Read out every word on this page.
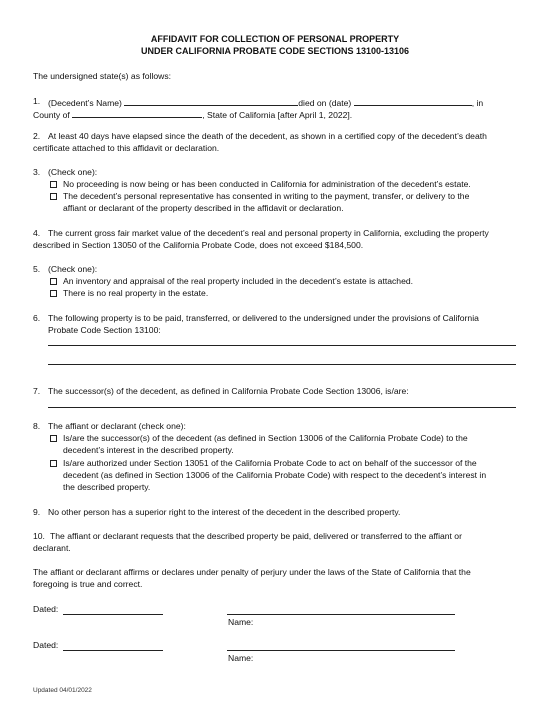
AFFIDAVIT FOR COLLECTION OF PERSONAL PROPERTY
UNDER CALIFORNIA PROBATE CODE SECTIONS 13100-13106
The undersigned state(s) as follows:
1. (Decedent’s Name)	died on (date)	, in
County of	, State of California [after April 1, 2022].
2. At least 40 days have elapsed since the death of the decedent, as shown in a certified copy of the decedent’s death
certificate attached to this affidavit or declaration.
3. (Check one):
No proceeding is now being or has been conducted in California for administration of the decedent’s estate.
The decedent’s personal representative has consented in writing to the payment, transfer, or delivery to the
affiant or declarant of the property described in the affidavit or declaration.
4. The current gross fair market value of the decedent’s real and personal property in California, excluding the property
described in Section 13050 of the California Probate Code, does not exceed $184,500.
5. (Check one):
An inventory and appraisal of the real property included in the decedent’s estate is attached.
There is no real property in the estate.
6. The following property is to be paid, transferred, or delivered to the undersigned under the provisions of California
Probate Code Section 13100:
7. The successor(s) of the decedent, as defined in California Probate Code Section 13006, is/are:
8. The affiant or declarant (check one):
Is/are the successor(s) of the decedent (as defined in Section 13006 of the California Probate Code) to the
decedent’s interest in the described property.
Is/are authorized under Section 13051 of the California Probate Code to act on behalf of the successor of the
decedent (as defined in Section 13006 of the California Probate Code) with respect to the decedent’s interest in
the described property.
9. No other person has a superior right to the interest of the decedent in the described property.
10. The affiant or declarant requests that the described property be paid, delivered or transferred to the affiant or
declarant.
The affiant or declarant affirms or declares under penalty of perjury under the laws of the State of California that the
foregoing is true and correct.
Dated:
Name:
Dated:
Name:
Updated 04/01/2022
